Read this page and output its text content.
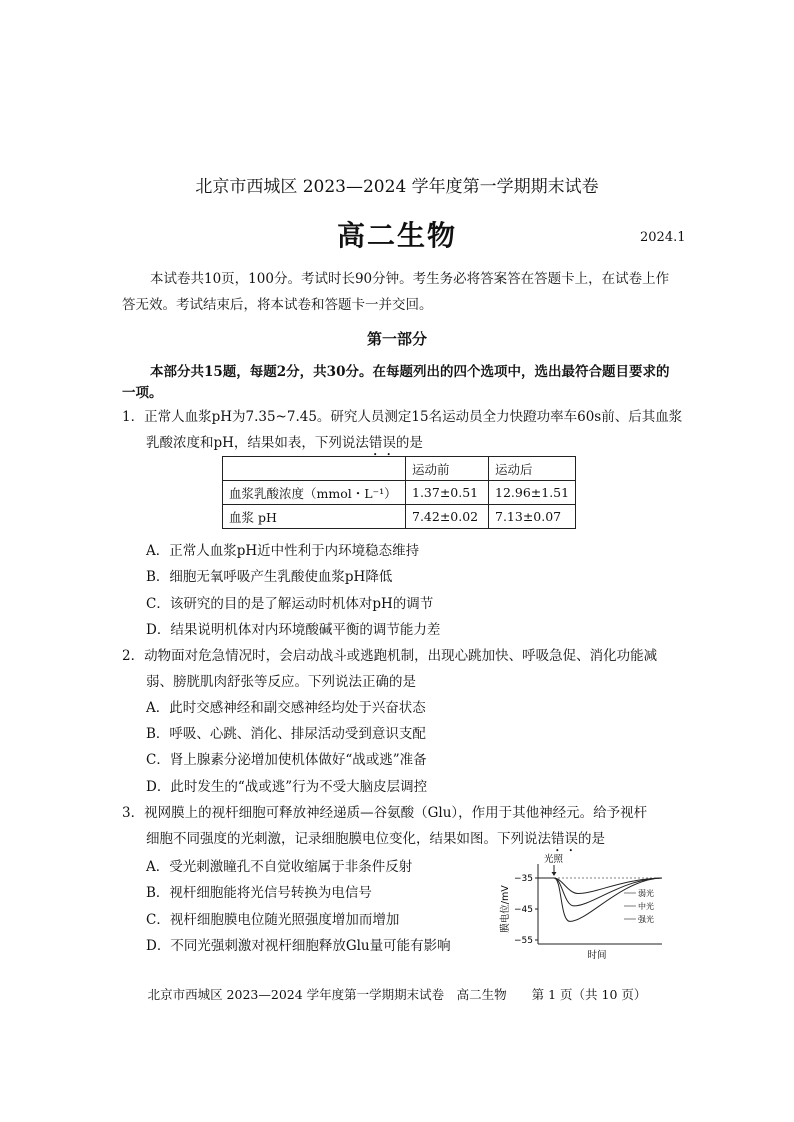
北京市西城区 2023—2024 学年度第一学期期末试卷
高二生物	2024.1
本试卷共10页，100分。考试时长90分钟。考生务必将答案答在答题卡上，在试卷上作答无效。考试结束后，将本试卷和答题卡一并交回。
第一部分
本部分共15题，每题2分，共30分。在每题列出的四个选项中，选出最符合题目要求的一项。
1．正常人血浆pH为7.35~7.45。研究人员测定15名运动员全力快蹬功率车60s前、后其血浆
乳酸浓度和pH，结果如表，下列说法错误的是
	运动前	运动后
血浆乳酸浓度（mmol・L⁻¹）	1.37±0.51	12.96±1.51
血浆 pH	7.42±0.02	7.13±0.07
A．正常人血浆pH近中性利于内环境稳态维持
B．细胞无氧呼吸产生乳酸使血浆pH降低
C．该研究的目的是了解运动时机体对pH的调节
D．结果说明机体对内环境酸碱平衡的调节能力差
2．动物面对危急情况时，会启动战斗或逃跑机制，出现心跳加快、呼吸急促、消化功能减
弱、膀胱肌肉舒张等反应。下列说法正确的是
A．此时交感神经和副交感神经均处于兴奋状态
B．呼吸、心跳、消化、排尿活动受到意识支配
C．肾上腺素分泌增加使机体做好“战或逃”准备
D．此时发生的“战或逃”行为不受大脑皮层调控
3．视网膜上的视杆细胞可释放神经递质—谷氨酸（Glu），作用于其他神经元。给予视杆
细胞不同强度的光刺激，记录细胞膜电位变化，结果如图。下列说法错误的是
A．受光刺激瞳孔不自觉收缩属于非条件反射
B．视杆细胞能将光信号转换为电信号
C．视杆细胞膜电位随光照强度增加而增加
D．不同光强刺激对视杆细胞释放Glu量可能有影响
−35
−45
−55
膜电位/mV
时间
光照
弱光
中光
强光
北京市西城区 2023—2024 学年度第一学期期末试卷　高二生物　　第 1 页（共 10 页）
